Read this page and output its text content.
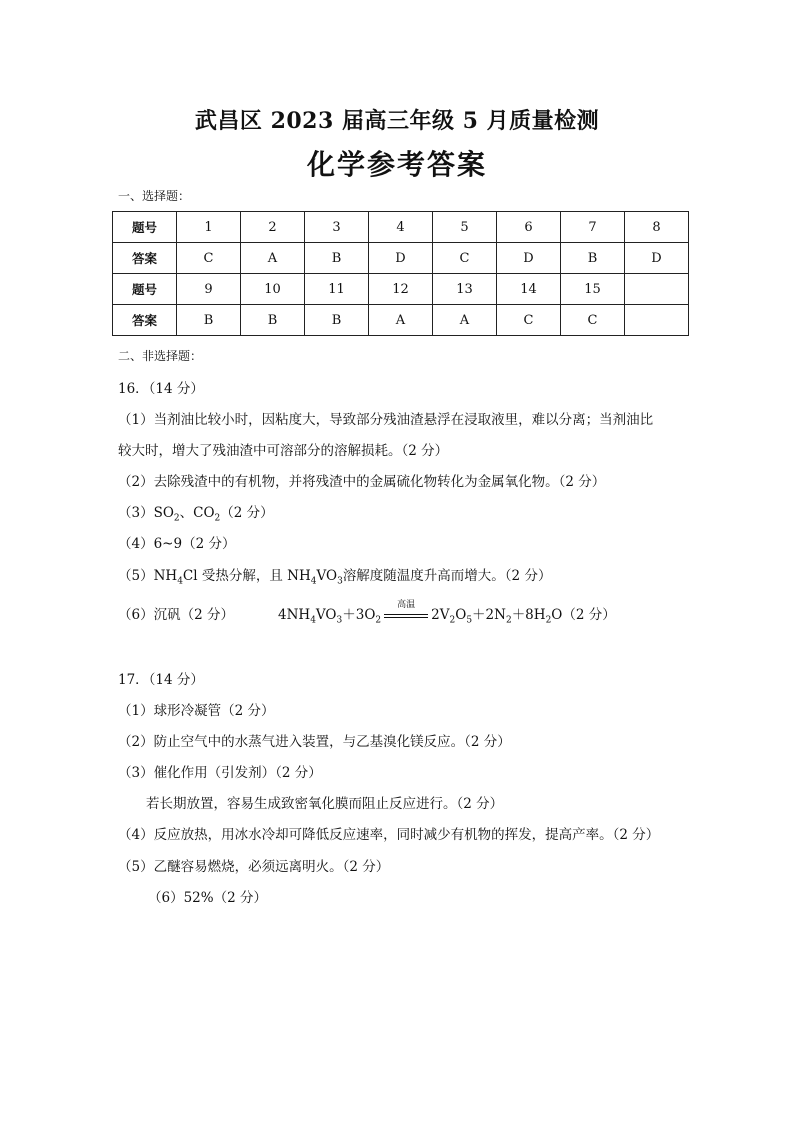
武昌区 2023 届高三年级 5 月质量检测
化学参考答案
一、选择题：
题号	1	2	3	4	5	6	7	8
答案	C	A	B	D	C	D	B	D
题号	9	10	11	12	13	14	15	
答案	B	B	B	A	A	C	C	
二、非选择题：
16．（14 分）
（1）当剂油比较小时，因粘度大，导致部分残油渣悬浮在浸取液里，难以分离；当剂油比
较大时，增大了残油渣中可溶部分的溶解损耗。（2 分）
（2）去除残渣中的有机物，并将残渣中的金属硫化物转化为金属氧化物。（2 分）
$(3)SO_2$、$CO_2(2$ 分）
（4）6~9（2 分）
$(5)NH_4Cl$ 受热分解，且 $NH_4VO_3$溶解度随温度升高而增大。（2 分）
（6）沉矾（2 分）	$4NH_4VO_3+3O_2$
高温
$2V_2O_5+2N_2+8H_2O(2$ 分）
17．（14 分）
（1）球形冷凝管（2 分）
（2）防止空气中的水蒸气进入装置，与乙基溴化镁反应。（2 分）
（3）催化作用（引发剂）（2 分）
若长期放置，容易生成致密氧化膜而阻止反应进行。（2 分）
（4）反应放热，用冰水冷却可降低反应速率，同时减少有机物的挥发，提高产率。（2 分）
（5）乙醚容易燃烧，必须远离明火。（2 分）
（6）52%（2 分）
